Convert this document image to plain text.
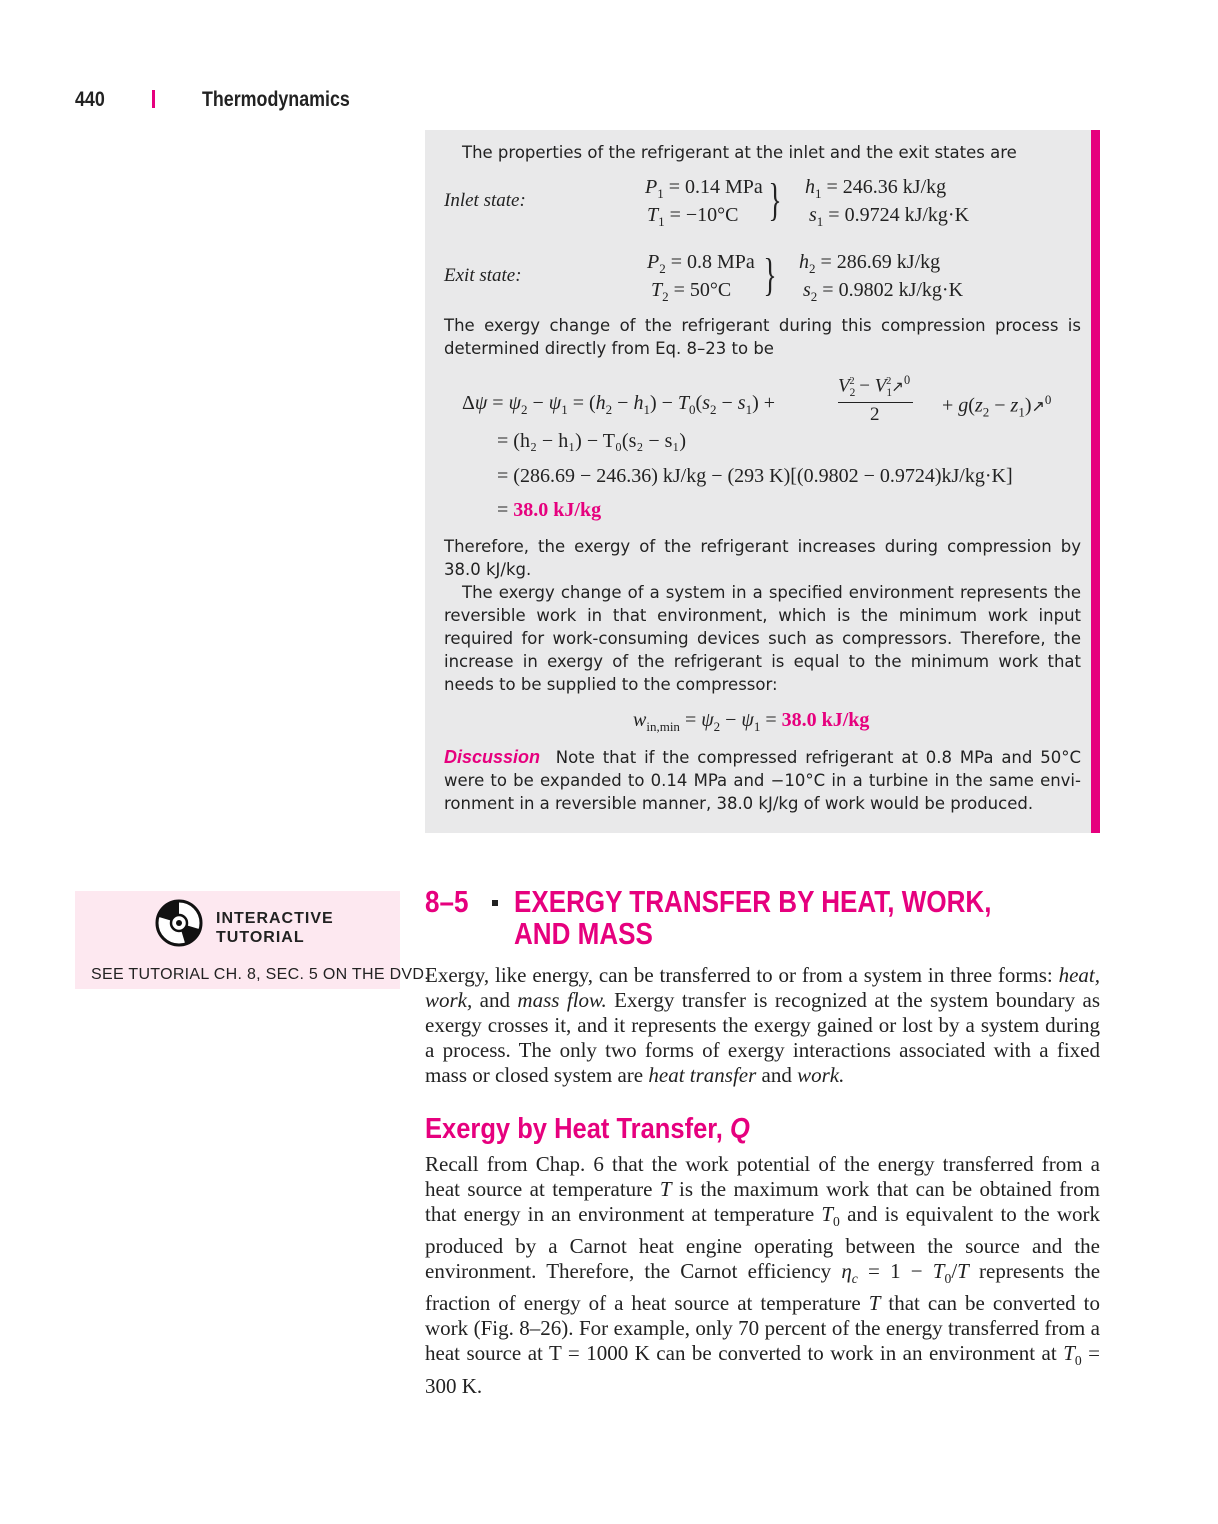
440	Thermodynamics
The properties of the refrigerant at the inlet and the exit states are
Inlet state:
$P_1 = 0.14$ MPa
$T_1 = -10^\circ C$ } $h_1 = 246.36$ kJ/kg
$s_1 = 0.9724$ kJ/kg·K
Exit state:
$P_2 = 0.8$ MPa
$T_2 = 50^\circ C$ } $h_2 = 286.69$ kJ/kg
$s_2 = 0.9802$ kJ/kg·K
The exergy change of the refrigerant during this compression process is determined directly from Eq. 8–23 to be
$\Delta\psi = \psi_2 - \psi_1 = (h_2 - h_1) - T_0(s_2 - s_1)$ +
$V_2^2$ − $V_1^2↗^0$
2	+ $g(z_2$ − $z_1)↗^0$
= (h₂ − h₁) − T₀(s₂ − s₁)
= (286.69 − 246.36) kJ/kg − (293 K)[(0.9802 − 0.9724)kJ/kg·K]
= 38.0 kJ/kg
Therefore, the exergy of the refrigerant increases during compression by 38.0 kJ/kg.
The exergy change of a system in a specified environment represents the reversible work in that environment, which is the minimum work input required for work-consuming devices such as compressors. Therefore, the increase in exergy of the refrigerant is equal to the minimum work that needs to be supplied to the compressor:
$w_{in,min} = \psi_2 - \psi_1 = 38.0$ kJ/kg
Discussion Note that if the compressed refrigerant at 0.8 MPa and 50°C were to be expanded to 0.14 MPa and −10°C in a turbine in the same environment in a reversible manner, 38.0 kJ/kg of work would be produced.
INTERACTIVE
TUTORIAL
SEE TUTORIAL CH. 8, SEC. 5 ON THE DVD.
8–5 EXERGY TRANSFER BY HEAT, WORK,
AND MASS
Exergy, like energy, can be transferred to or from a system in three forms: heat, work, and mass flow. Exergy transfer is recognized at the system boundary as exergy crosses it, and it represents the exergy gained or lost by a system during a process. The only two forms of exergy interactions associated with a fixed mass or closed system are heat transfer and work.
Exergy by Heat Transfer, Q
Recall from Chap. 6 that the work potential of the energy transferred from a heat source at temperature T is the maximum work that can be obtained from that energy in an environment at temperature $T_0$ and is equivalent to the work produced by a Carnot heat engine operating between the source and the environment. Therefore, the Carnot efficiency $\eta_c = 1 - T_0/T$ represents the fraction of energy of a heat source at temperature T that can be converted to work (Fig. 8–26). For example, only 70 percent of the energy transferred from a heat source at T = 1000 K can be converted to work in an environment at $T_0 = 300$ K.
